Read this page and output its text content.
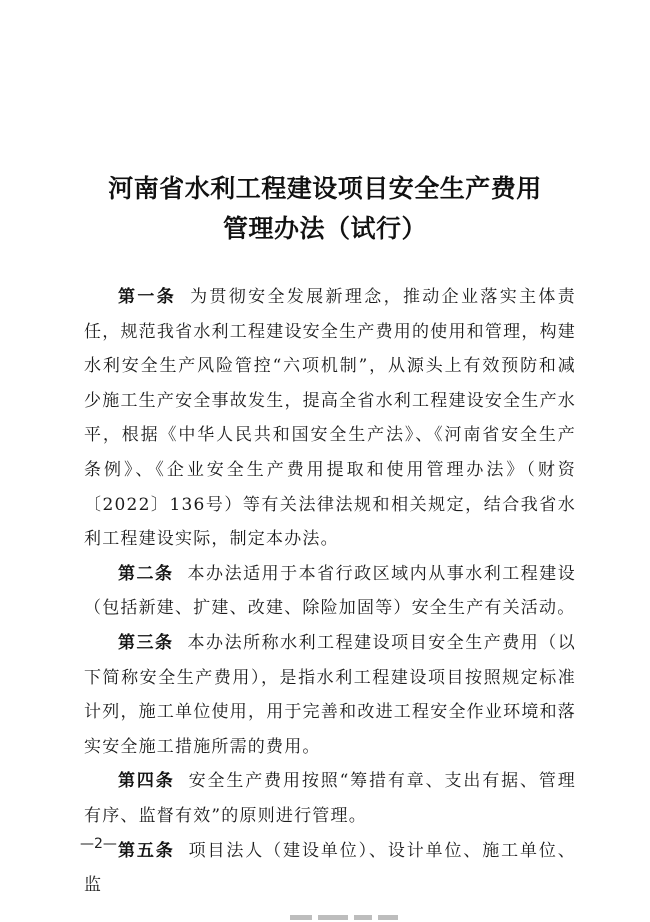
河南省水利工程建设项目安全生产费用
管理办法（试行）

第一条 为贯彻安全发展新理念，推动企业落实主体责任，规范我省水利工程建设安全生产费用的使用和管理，构建水利安全生产风险管控“六项机制”，从源头上有效预防和减少施工生产安全事故发生，提高全省水利工程建设安全生产水平，根据《中华人民共和国安全生产法》、《河南省安全生产条例》、《企业安全生产费用提取和使用管理办法》（财资〔2022〕136号）等有关法律法规和相关规定，结合我省水利工程建设实际，制定本办法。

第二条 本办法适用于本省行政区域内从事水利工程建设（包括新建、扩建、改建、除险加固等）安全生产有关活动。

第三条 本办法所称水利工程建设项目安全生产费用（以下简称安全生产费用），是指水利工程建设项目按照规定标准计列，施工单位使用，用于完善和改进工程安全作业环境和落实安全施工措施所需的费用。

第四条 安全生产费用按照“筹措有章、支出有据、管理有序、监督有效”的原则进行管理。

第五条 项目法人（建设单位）、设计单位、施工单位、监

—2—
